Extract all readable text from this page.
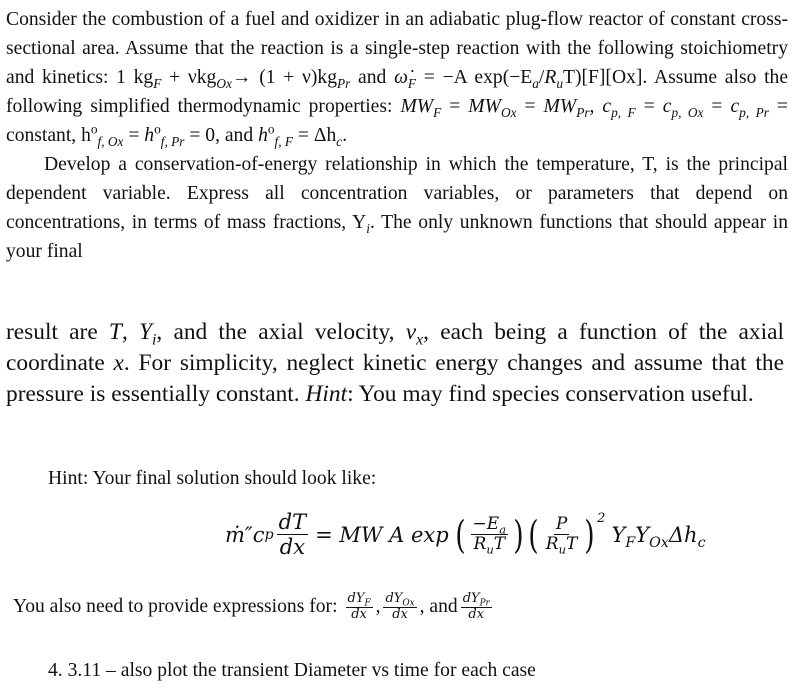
Consider the combustion of a fuel and oxidizer in an adiabatic plug-flow reactor of constant cross-sectional area. Assume that the reaction is a single-step reaction with the following stoichiometry and kinetics: 1 $kg_F + \nu kg_{Ox}\to (1 + \nu)kg_{Pr}$ and $\omegȧ_F = -A$ $\exp(-E_a/R_uT)[F][Ox]$. Assume also the following simplified thermodynamic properties: $MW_F = MW_{Ox} = MW_{Pr}$, $c_{p, F} = c_{p, Ox} = c_{p, Pr}$ = constant, $h^o_{f, Ox} = h^o_{f, Pr} = 0$, and $h^o_{f, F} = \Delta h_c$.
Develop a conservation-of-energy relationship in which the temperature, T, is the principal dependent variable. Express all concentration variables, or parameters that depend on concentrations, in terms of mass fractions, $Y_i$. The only unknown functions that should appear in your final
result are T, $Y_i$, and the axial velocity, $v_x$, each being a function of the axial coordinate x. For simplicity, neglect kinetic energy changes and assume that the pressure is essentially constant. Hint: You may find species conservation useful.
Hint: Your final solution should look like:
ṁ″c p $\frac{dT}{dx}$ = MW A exp ( $\frac{-E_a}{R_uT}$ ) ( $\frac{P}{R_uT} )^2$
$Y_FY_{Ox}\Delta h_c$
You also need to provide expressions for: $\frac{dY_F}{dx}$ , $\frac{dY_{Ox}}{dx}$ , and $\frac{dY_{Pr}}{dx}$
4. 3.11 – also plot the transient Diameter vs time for each case
